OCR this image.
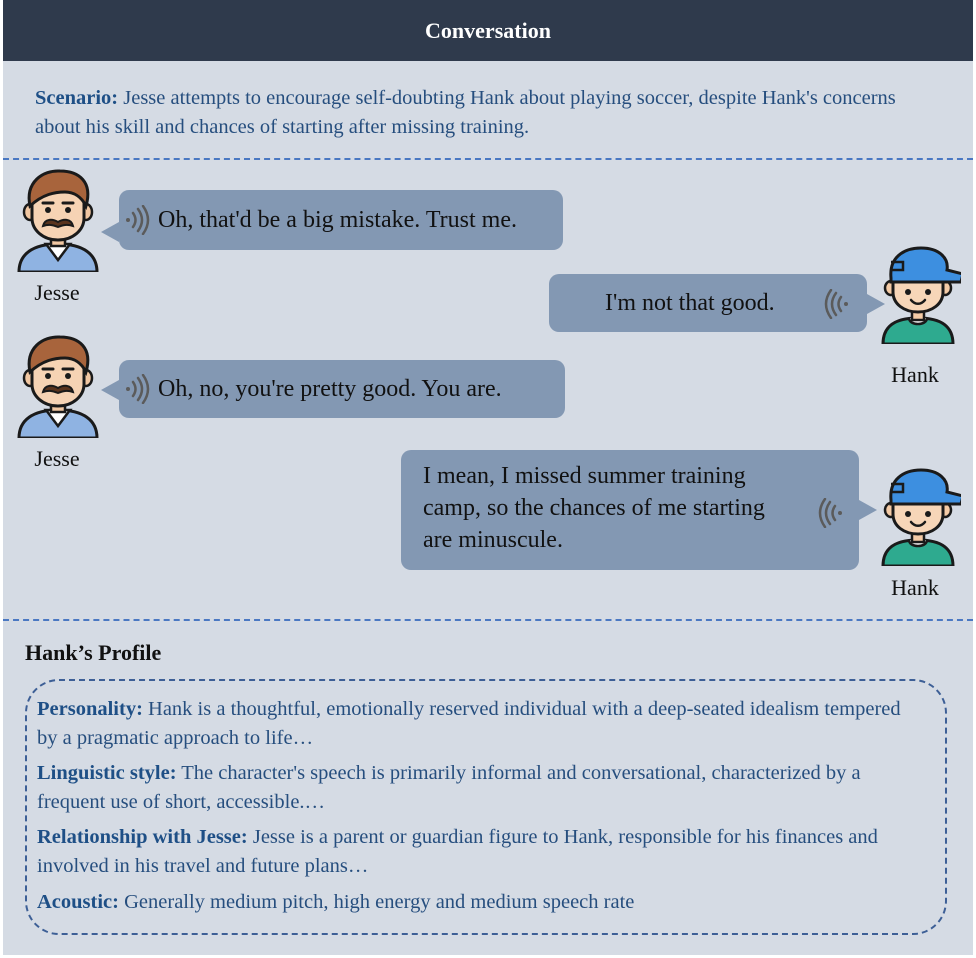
Conversation
Scenario: Jesse attempts to encourage self-doubting Hank about playing soccer, despite Hank's concerns about his skill and chances of starting after missing training.
Jesse
Oh, that'd be a big mistake. Trust me.
I'm not that good.
Hank
Jesse
Oh, no, you're pretty good. You are.
I mean, I missed summer training
camp, so the chances of me starting
are minuscule.
Hank
Hank’s Profile
Personality: Hank is a thoughtful, emotionally reserved individual with a deep-seated idealism tempered by a pragmatic approach to life…
Linguistic style: The character's speech is primarily informal and conversational, characterized by a frequent use of short, accessible.…
Relationship with Jesse: Jesse is a parent or guardian figure to Hank, responsible for his finances and involved in his travel and future plans…
Acoustic: Generally medium pitch, high energy and medium speech rate
